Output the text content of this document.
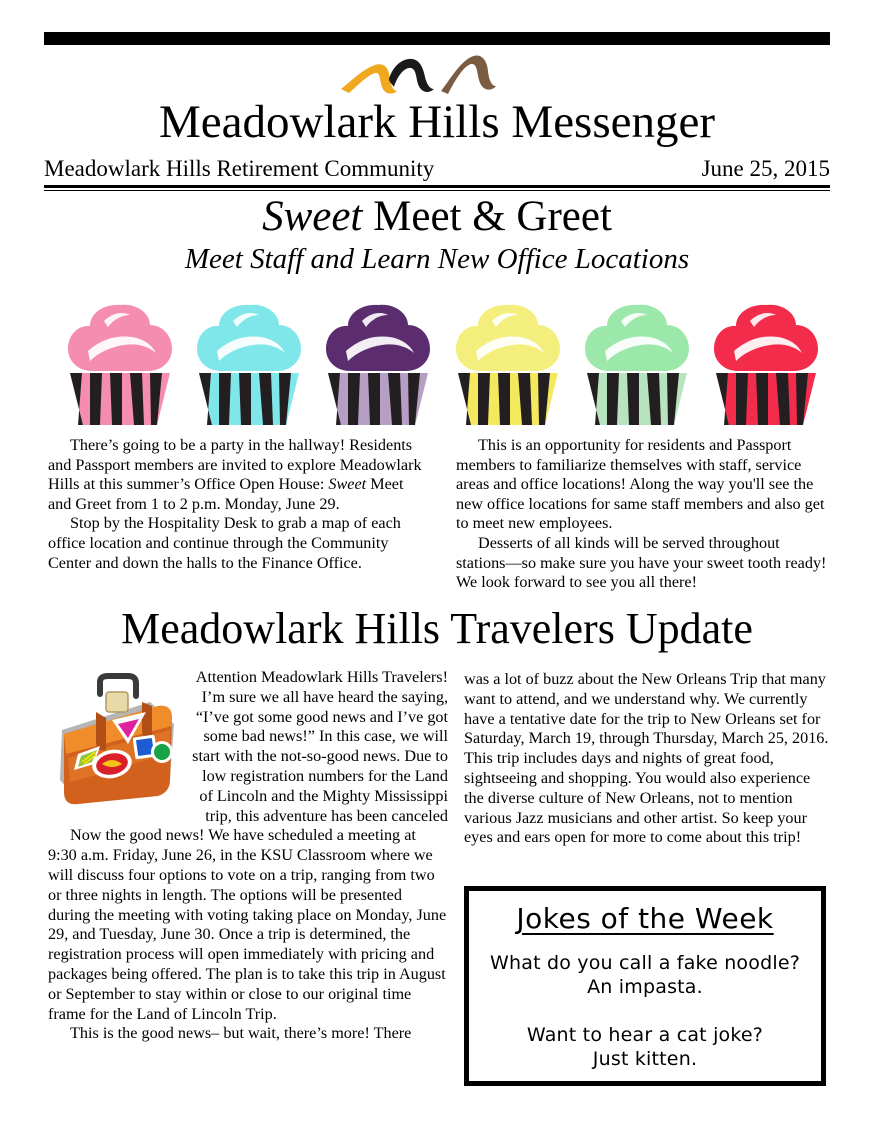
Meadowlark Hills Messenger
Meadowlark Hills Retirement Community	June 25, 2015
Sweet Meet & Greet
Meet Staff and Learn New Office Locations

There’s going to be a party in the hallway! Residents and Passport members are invited to explore Meadowlark Hills at this summer’s Office Open House: Sweet Meet and Greet from 1 to 2 p.m. Monday, June 29.

Stop by the Hospitality Desk to grab a map of each office location and continue through the Community Center and down the halls to the Finance Office.

This is an opportunity for residents and Passport members to familiarize themselves with staff, service areas and office locations! Along the way you'll see the new office locations for same staff members and also get to meet new employees.

Desserts of all kinds will be served throughout stations—so make sure you have your sweet tooth ready! We look forward to see you all there!

Meadowlark Hills Travelers Update

Attention Meadowlark Hills Travelers! I’m sure we all have heard the saying, “I’ve got some good news and I’ve got some bad news!” In this case, we will start with the not-so-good news. Due to low registration numbers for the Land of Lincoln and the Mighty Mississippi trip, this adventure has been canceled

Now the good news! We have scheduled a meeting at 9:30 a.m. Friday, June 26, in the KSU Classroom where we will discuss four options to vote on a trip, ranging from two or three nights in length. The options will be presented during the meeting with voting taking place on Monday, June 29, and Tuesday, June 30. Once a trip is determined, the registration process will open immediately with pricing and packages being offered. The plan is to take this trip in August or September to stay within or close to our original time frame for the Land of Lincoln Trip.

This is the good news– but wait, there’s more! There

was a lot of buzz about the New Orleans Trip that many want to attend, and we understand why. We currently have a tentative date for the trip to New Orleans set for Saturday, March 19, through Thursday, March 25, 2016. This trip includes days and nights of great food, sightseeing and shopping. You would also experience the diverse culture of New Orleans, not to mention various Jazz musicians and other artist. So keep your eyes and ears open for more to come about this trip!

Jokes of the Week
What do you call a fake noodle?
An impasta.
Want to hear a cat joke?
Just kitten.
